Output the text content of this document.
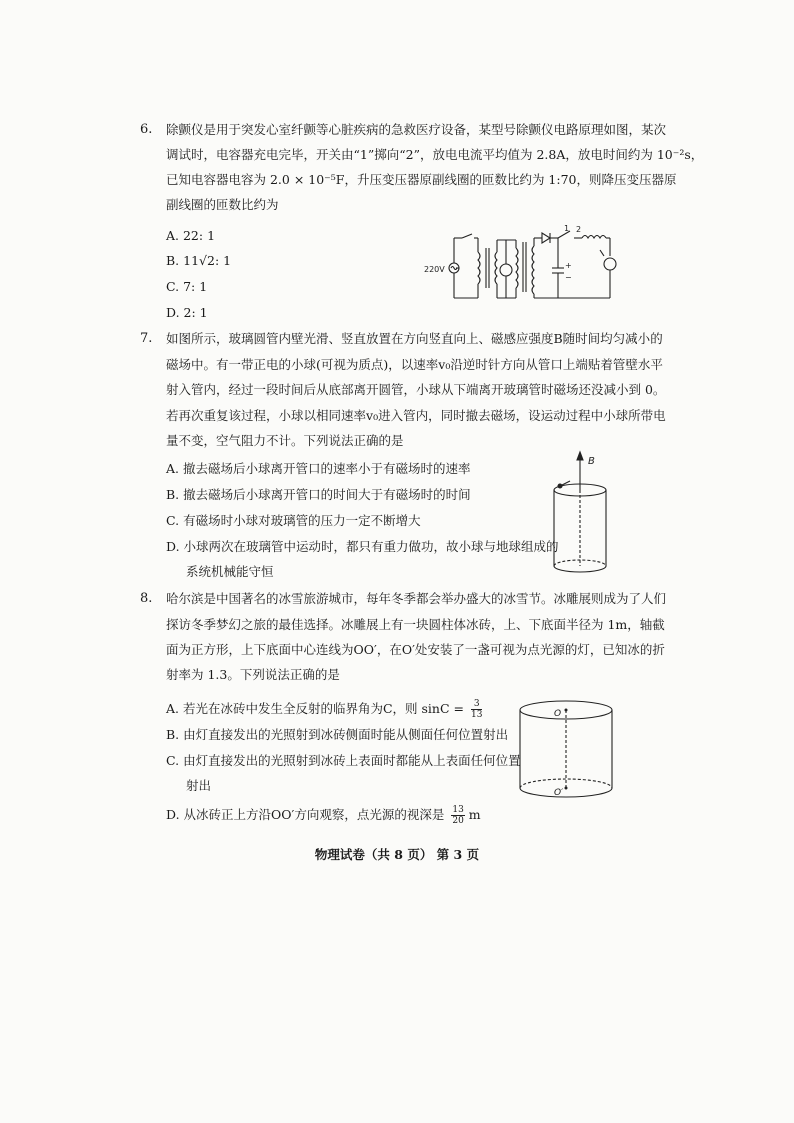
6. 除颤仪是用于突发心室纤颤等心脏疾病的急救医疗设备，某型号除颤仪电路原理如图，某次
调试时，电容器充电完毕，开关由“1”掷向“2”，放电电流平均值为 2.8A，放电时间约为 10⁻²s，
已知电容器电容为 2.0 × 10⁻⁵F，升压变压器原副线圈的匝数比约为 1:70，则降压变压器原
副线圈的匝数比约为
A. 22: 1
B. 11√2: 1
C. 7: 1
D. 2: 1
220V
1 2
+
−
7. 如图所示，玻璃圆管内壁光滑、竖直放置在方向竖直向上、磁感应强度B随时间均匀减小的
磁场中。有一带正电的小球(可视为质点)，以速率v₀沿逆时针方向从管口上端贴着管壁水平
射入管内，经过一段时间后从底部离开圆管，小球从下端离开玻璃管时磁场还没减小到 0。
若再次重复该过程，小球以相同速率v₀进入管内，同时撤去磁场，设运动过程中小球所带电
量不变，空气阻力不计。下列说法正确的是
A. 撤去磁场后小球离开管口的速率小于有磁场时的速率
B. 撤去磁场后小球离开管口的时间大于有磁场时的时间
C. 有磁场时小球对玻璃管的压力一定不断增大
D. 小球两次在玻璃管中运动时，都只有重力做功，故小球与地球组成的
系统机械能守恒
B
8. 哈尔滨是中国著名的冰雪旅游城市，每年冬季都会举办盛大的冰雪节。冰雕展则成为了人们
探访冬季梦幻之旅的最佳选择。冰雕展上有一块圆柱体冰砖，上、下底面半径为 1m，轴截
面为正方形，上下底面中心连线为OO′，在O′处安装了一盏可视为点光源的灯，已知冰的折
射率为 1.3。下列说法正确的是
A. 若光在冰砖中发生全反射的临界角为C，则 $\sin C = \frac{3}{13}$
B. 由灯直接发出的光照射到冰砖侧面时能从侧面任何位置射出
C. 由灯直接发出的光照射到冰砖上表面时都能从上表面任何位置
射出
D. 从冰砖正上方沿OO′方向观察，点光源的视深是 $\frac{13}{20}$ m
O
O′
物理试卷（共 8 页） 第 3 页
